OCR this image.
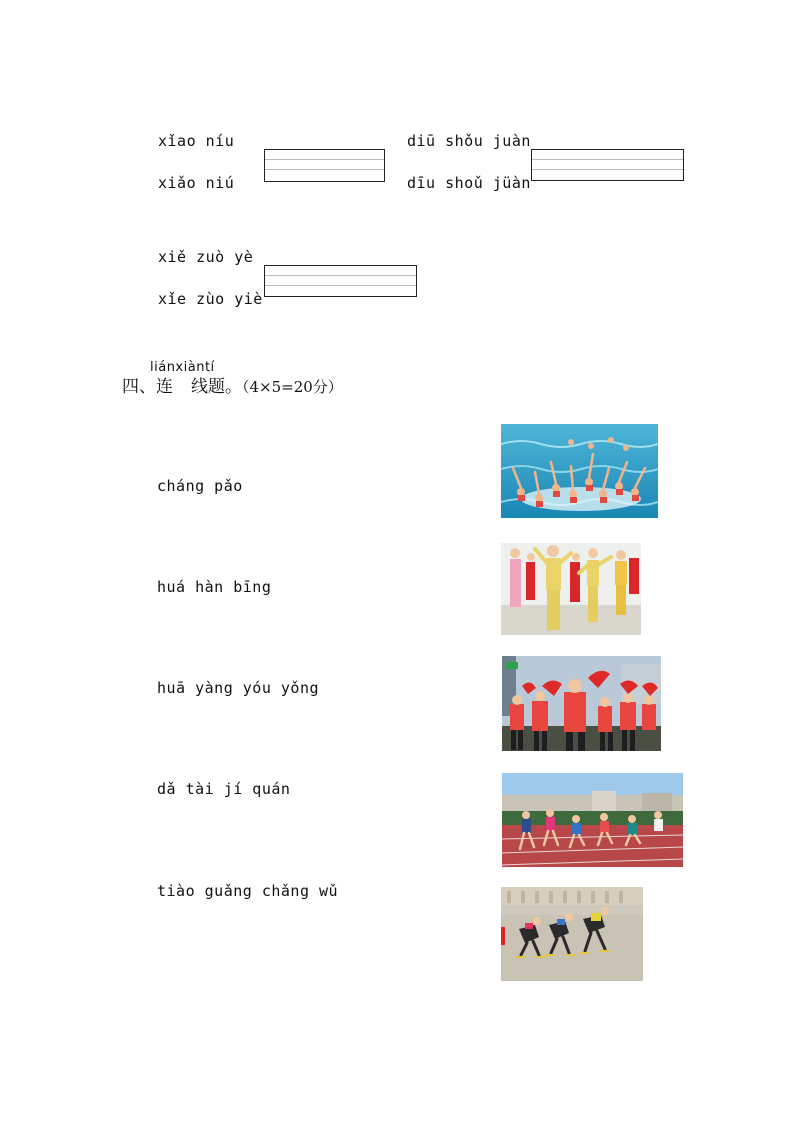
xǐao níu
xiǎo niú
diū shǒu juàn
dīu shoǔ jüàn
xiě zuò yè
xǐe zùo yiè
liánxiàntí
四、连 线题。（4×5=20分）
cháng pǎo
huá hàn bīng
huā yàng yóu yǒng
dǎ tài jí quán
tiào guǎng chǎng wǔ
